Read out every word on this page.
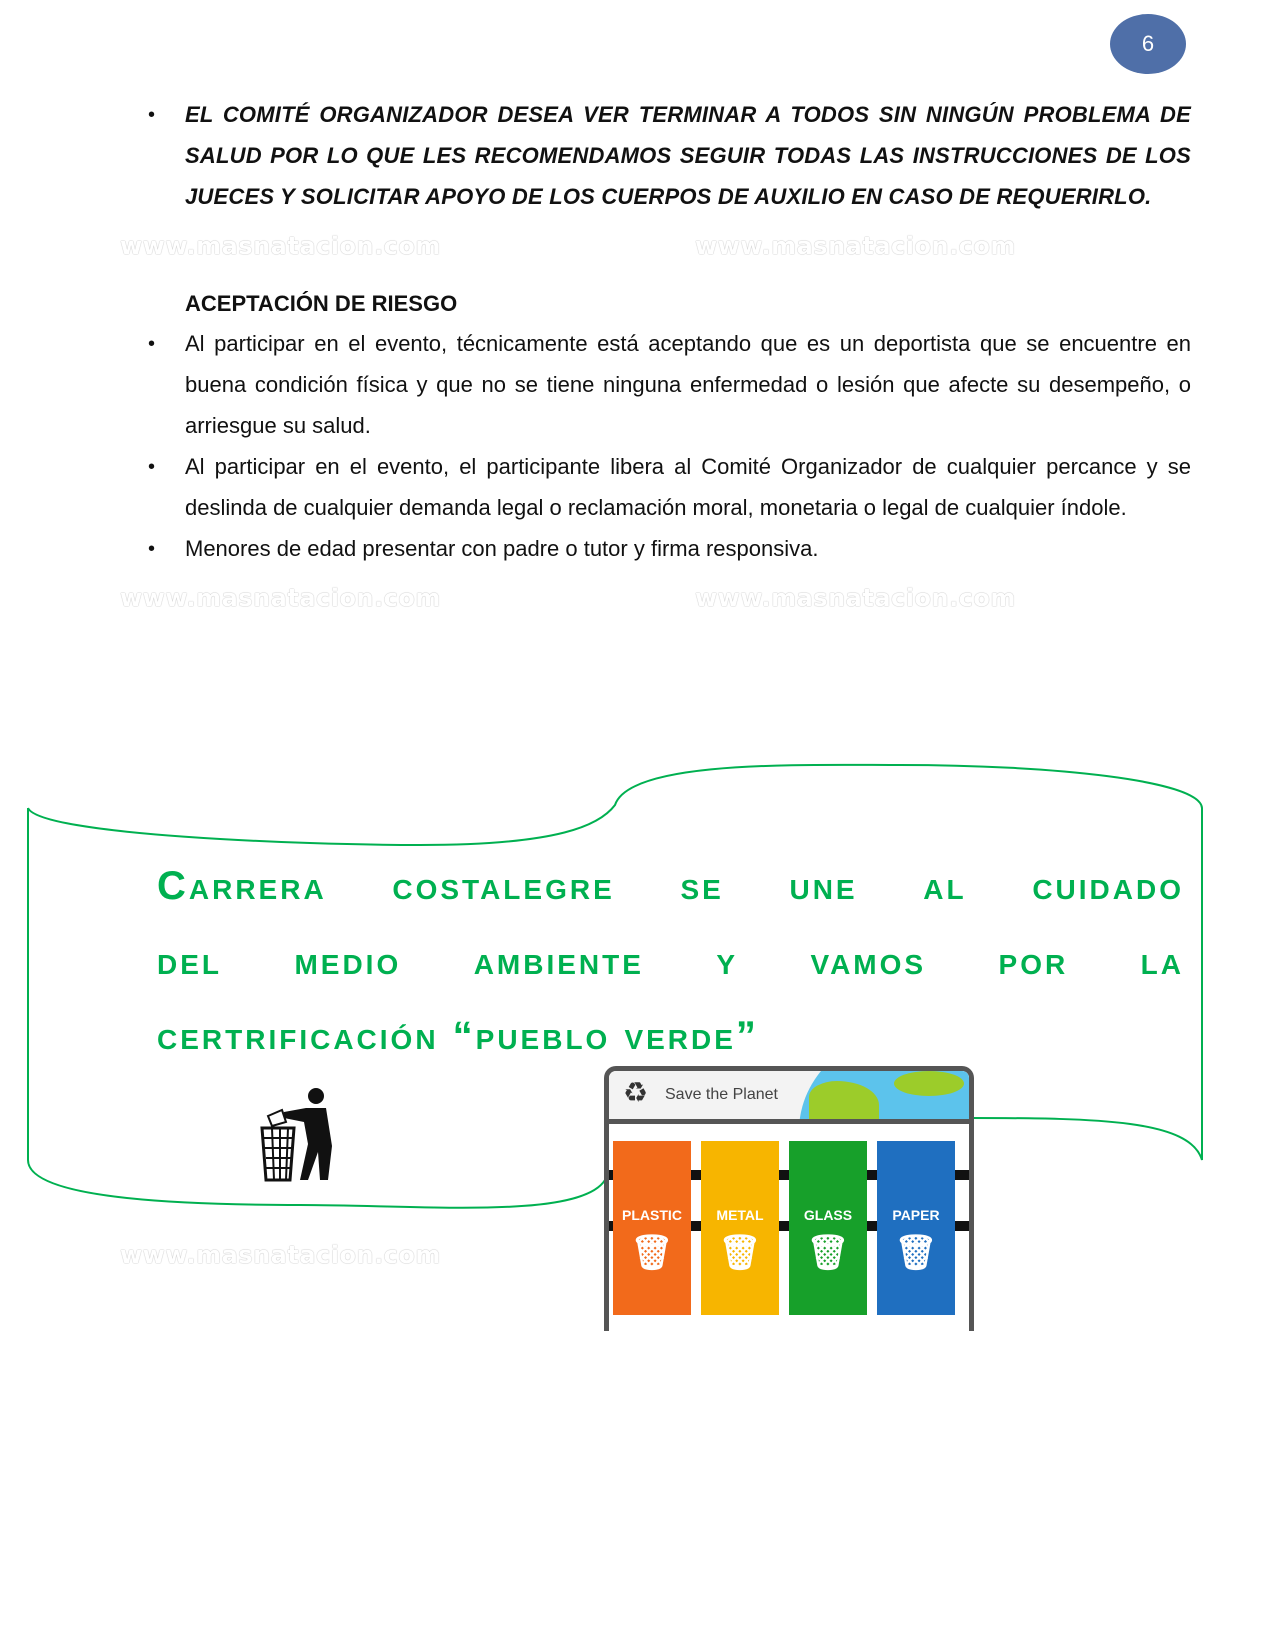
6
• EL COMITÉ ORGANIZADOR DESEA VER TERMINAR A TODOS SIN NINGÚN PROBLEMA DE SALUD POR LO QUE LES RECOMENDAMOS SEGUIR TODAS LAS INSTRUCCIONES DE LOS JUECES Y SOLICITAR APOYO DE LOS CUERPOS DE AUXILIO EN CASO DE REQUERIRLO.
www.masnatacion.com	www.masnatacion.com
ACEPTACIÓN DE RIESGO
• Al participar en el evento, técnicamente está aceptando que es un deportista que se encuentre en buena condición física y que no se tiene ninguna enfermedad o lesión que afecte su desempeño, o arriesgue su salud.
• Al participar en el evento, el participante libera al Comité Organizador de cualquier percance y se deslinda de cualquier demanda legal o reclamación moral, monetaria o legal de cualquier índole.
• Menores de edad presentar con padre o tutor y firma responsiva.
www.masnatacion.com	www.masnatacion.com
www.masnatacion.com
Carrera costalegre se une al cuidado
del medio ambiente y vamos por la
certrificación “pueblo verde”
♻ Save the Planet
PLASTIC
🗑
METAL
🗑
GLASS
🗑
PAPER
🗑
